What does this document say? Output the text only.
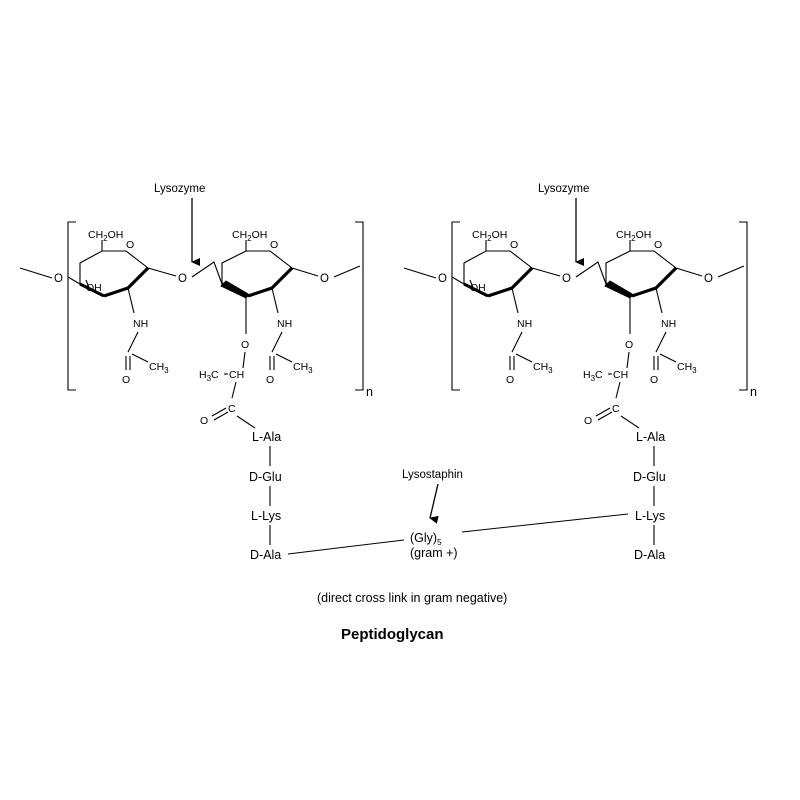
n
O
O
$CH_2OH$
OH
NH
O
$CH_3$
O
O
$CH_2OH$
O
NH
O
$CH_3$
O
CH
$H_3C$
C
O
L-Ala
D-Glu
L-Lys
D-Ala
Lysozyme
n
O
O
$CH_2OH$
OH
NH
O
$CH_3$
O
O
$CH_2OH$
O
NH
O
$CH_3$
O
CH
$H_3C$
C
O
L-Ala
D-Glu
L-Lys
D-Ala
Lysozyme
$(Gly)_5$
(gram +)
Lysostaphin
(direct cross link in gram negative)
Peptidoglycan
